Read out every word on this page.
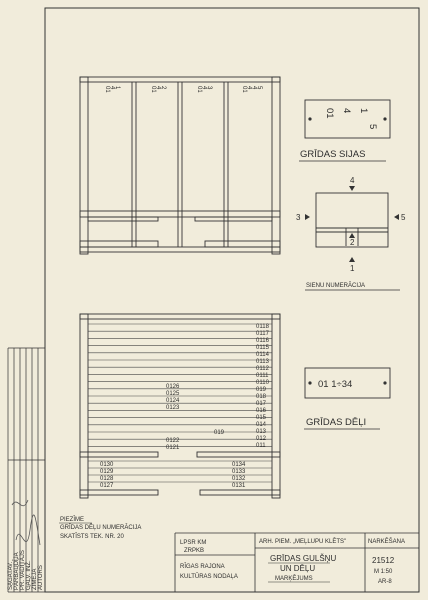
01 4 1	01 4 2	01 4 3	01 4 4 5
01 4 1
5
GRĪDAS SIJAS
4
5
1
3
2
SIENU NUMERĀCIJA
0118
0117
0116
0115
0114
0113
0112
0111
0110
019
018
017
016
015
014
013
012
011
0126
0125
0124
0123
019
0122
0121
0130
0129
0128
0127
0134
0133
0132
0131
01 1÷34
GRĪDAS DĒĻI
PIEZĪME
GRĪDAS DĒĻU NUMERĀCIJA
SKATĪSTS TEK. NR. 20
SAGATAV. PĀRBAUDĪJA PR. VADĪTĀJS GALV. INŽ. ZĪMĒJA AUTORS
LPSR KM
ZRPKB
RĪGAS RAJONA
KULTŪRAS NODAĻA
ARH. PIEM. „MEĻLUPU KLĒTS"	NARKĒŠANA
GRĪDAS GULŠŅU
UN DĒĻU
MARĶĒJUMS
21512
M 1:50
AR-8
